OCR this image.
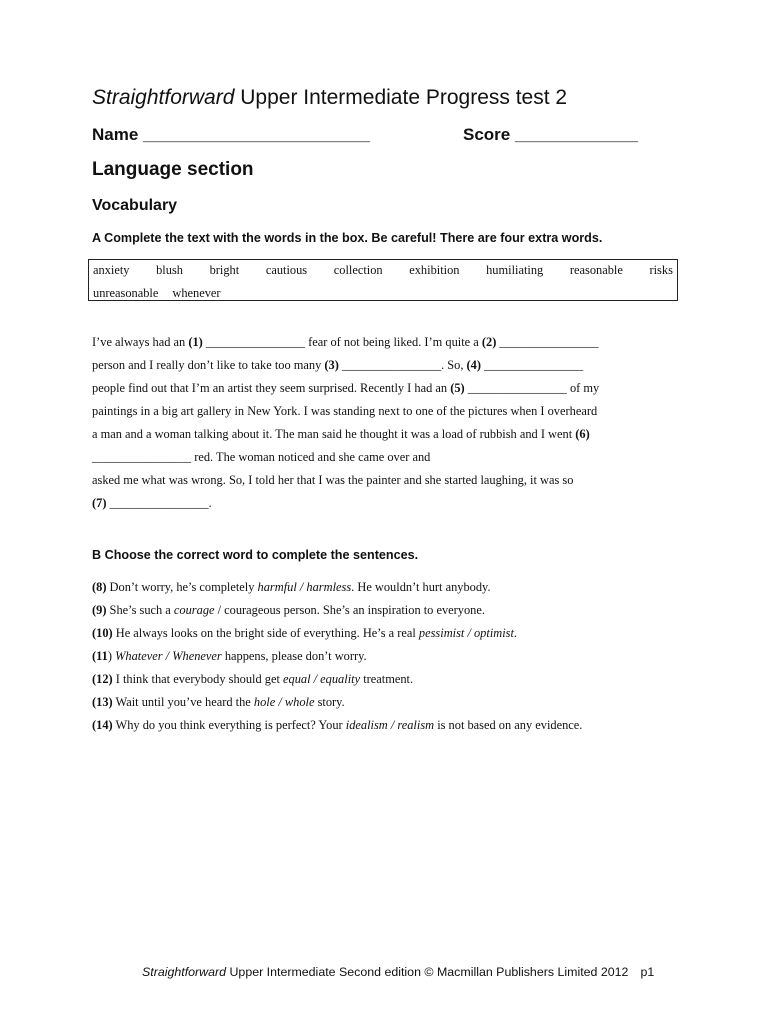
Straightforward Upper Intermediate Progress test 2
Name ________________________	Score _____________
Language section
Vocabulary
A Complete the text with the words in the box. Be careful! There are four extra words.
anxiety blush bright cautious collection exhibition humiliating reasonable risks
unreasonable whenever
I’ve always had an (1) ________________ fear of not being liked. I’m quite a (2) ________________
person and I really don’t like to take too many (3) ________________. So, (4) ________________
people find out that I’m an artist they seem surprised. Recently I had an (5) ________________ of my
paintings in a big art gallery in New York. I was standing next to one of the pictures when I overheard
a man and a woman talking about it. The man said he thought it was a load of rubbish and I went (6)
________________ red. The woman noticed and she came over and
asked me what was wrong. So, I told her that I was the painter and she started laughing, it was so
(7) ________________.
B Choose the correct word to complete the sentences.
(8) Don’t worry, he’s completely harmful / harmless. He wouldn’t hurt anybody.
(9) She’s such a courage / courageous person. She’s an inspiration to everyone.
(10) He always looks on the bright side of everything. He’s a real pessimist / optimist.
(11) Whatever / Whenever happens, please don’t worry.
(12) I think that everybody should get equal / equality treatment.
(13) Wait until you’ve heard the hole / whole story.
(14) Why do you think everything is perfect? Your idealism / realism is not based on any evidence.
Straightforward Upper Intermediate Second edition © Macmillan Publishers Limited 2012 p1
